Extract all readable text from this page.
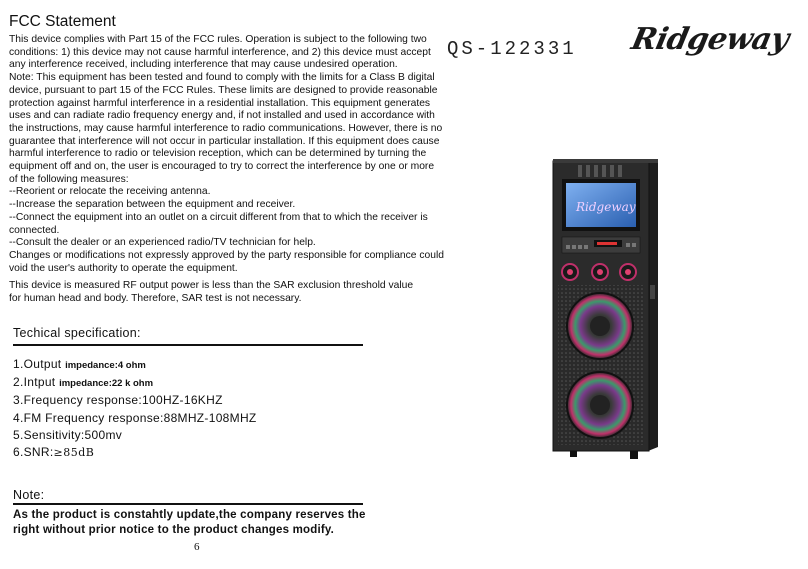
FCC Statement

This device complies with Part 15 of the FCC rules. Operation is subject to the following two

conditions: 1) this device may not cause harmful interference, and 2) this device must accept

any interference received, including interference that may cause undesired operation.

Note: This equipment has been tested and found to comply with the limits for a Class B digital

device, pursuant to part 15 of the FCC Rules. These limits are designed to provide reasonable

protection against harmful interference in a residential installation. This equipment generates

uses and can radiate radio frequency energy and, if not installed and used in accordance with

the instructions, may cause harmful interference to radio communications. However, there is no

guarantee that interference will not occur in particular installation. If this equipment does cause

harmful interference to radio or television reception, which can be determined by turning the

equipment off and on, the user is encouraged to try to correct the interference by one or more

of the following measures:

--Reorient or relocate the receiving antenna.

--Increase the separation between the equipment and receiver.

--Connect the equipment into an outlet on a circuit different from that to which the receiver is

connected.

--Consult the dealer or an experienced radio/TV technician for help.

Changes or modifications not expressly approved by the party responsible for compliance could

void the user's authority to operate the equipment.

This device is measured RF output power is less than the SAR exclusion threshold value

for human head and body. Therefore, SAR test is not necessary.

Techical specification:
1.Output impedance:4 ohm
2.Intput impedance:22 k ohm
3.Frequency response:100HZ-16KHZ
4.FM Frequency response:88MHZ-108MHZ
5.Sensitivity:500mv
6.SNR:≥85dB
Note:

As the product is constahtly update,the company reserves the

right without prior notice to the product changes modify.

6
QS-122331 Ridgeway
Ridgeway
